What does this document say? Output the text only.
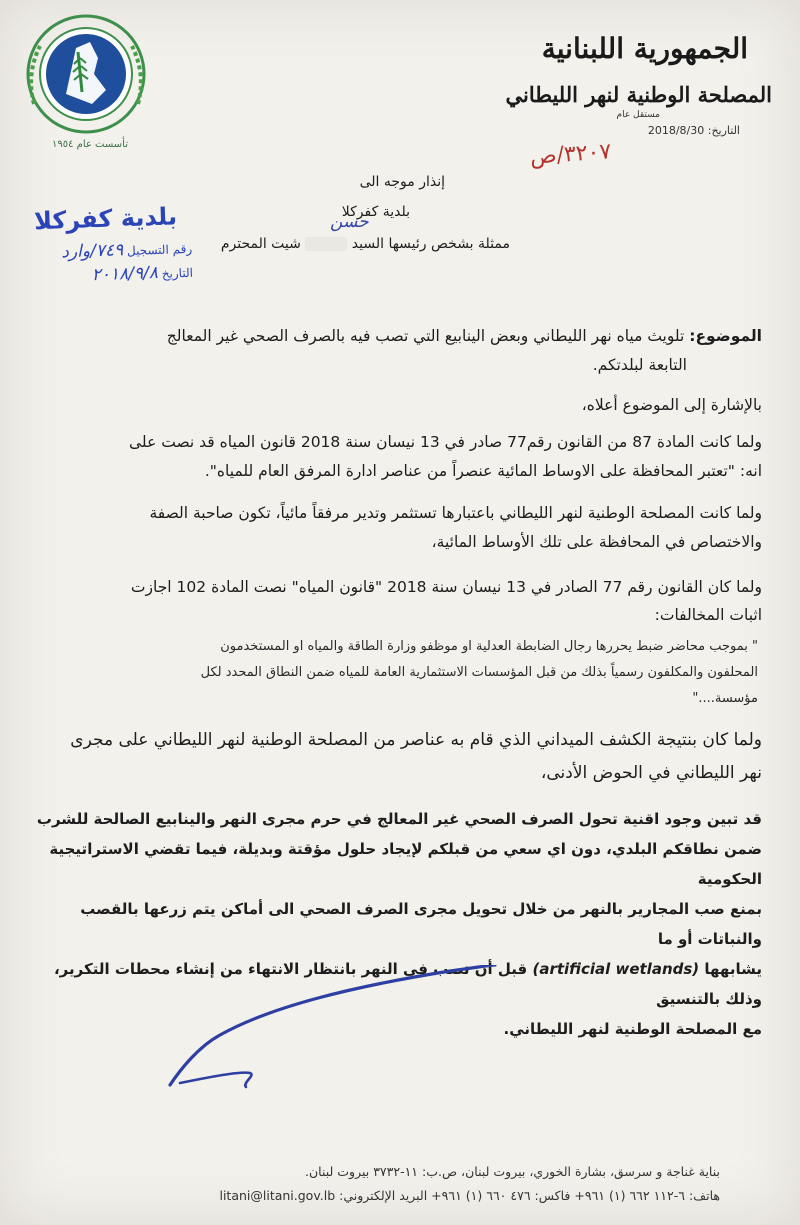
تأسست عام ١٩٥٤
الجمهورية اللبنانية
المصلحة الوطنية لنهر الليطاني
مستقل عام
التاريخ: 2018/8/30
٣٢٠٧/ص
إنذار موجه الى
بلدية كفركلا
ممثلة بشخص رئيسها السيد  شيت المحترم
حسن
بلدية كفركلا
رقم التسجيل ٧٤٩/وارد
التاريخ ٢٠١٨/٩/٨
الموضوع: تلويث مياه نهر الليطاني وبعض الينابيع التي تصب فيه بالصرف الصحي غير المعالج
التابعة لبلدتكم.
بالإشارة إلى الموضوع أعلاه،
ولما كانت المادة 87 من القانون رقم77 صادر في 13 نيسان سنة 2018 قانون المياه قد نصت على
انه: "تعتبر المحافظة على الاوساط المائية عنصراً من عناصر ادارة المرفق العام للمياه".
ولما كانت المصلحة الوطنية لنهر الليطاني باعتبارها تستثمر وتدير مرفقاً مائياً، تكون صاحبة الصفة
والاختصاص في المحافظة على تلك الأوساط المائية،
ولما كان القانون رقم 77 الصادر في 13 نيسان سنة 2018 "قانون المياه" نصت المادة 102 اجازت
اثبات المخالفات:
" بموجب محاضر ضبط يحررها رجال الضابطة العدلية او موظفو وزارة الطاقة والمياه او المستخدمون
المحلفون والمكلفون رسمياً بذلك من قبل المؤسسات الاستثمارية العامة للمياه ضمن النطاق المحدد لكل
مؤسسة...."
ولما كان بنتيجة الكشف الميداني الذي قام به عناصر من المصلحة الوطنية لنهر الليطاني على مجرى
نهر الليطاني في الحوض الأدنى،
قد تبين وجود اقنية تحول الصرف الصحي غير المعالج في حرم مجرى النهر والينابيع الصالحة للشرب
ضمن نطاقكم البلدي، دون اي سعي من قبلكم لإيجاد حلول مؤقتة وبديلة، فيما تقضي الاستراتيجية الحكومية
بمنع صب المجارير بالنهر من خلال تحويل مجرى الصرف الصحي الى أماكن يتم زرعها بالقصب والنباتات أو ما
يشابهها (artificial wetlands) قبل أن تصب في النهر بانتظار الانتهاء من إنشاء محطات التكرير، وذلك بالتنسيق
مع المصلحة الوطنية لنهر الليطاني.
بناية غناجة و سرسق، بشارة الخوري، بيروت لبنان، ص.ب: ١١-٣٧٣٢ بيروت لبنان.
هاتف: ٦-١١٢ ٦٦٢ (١) ٩٦١+ فاكس: ٤٧٦ ٦٦٠ (١) ٩٦١+ البريد الإلكتروني: litani@litani.gov.lb
